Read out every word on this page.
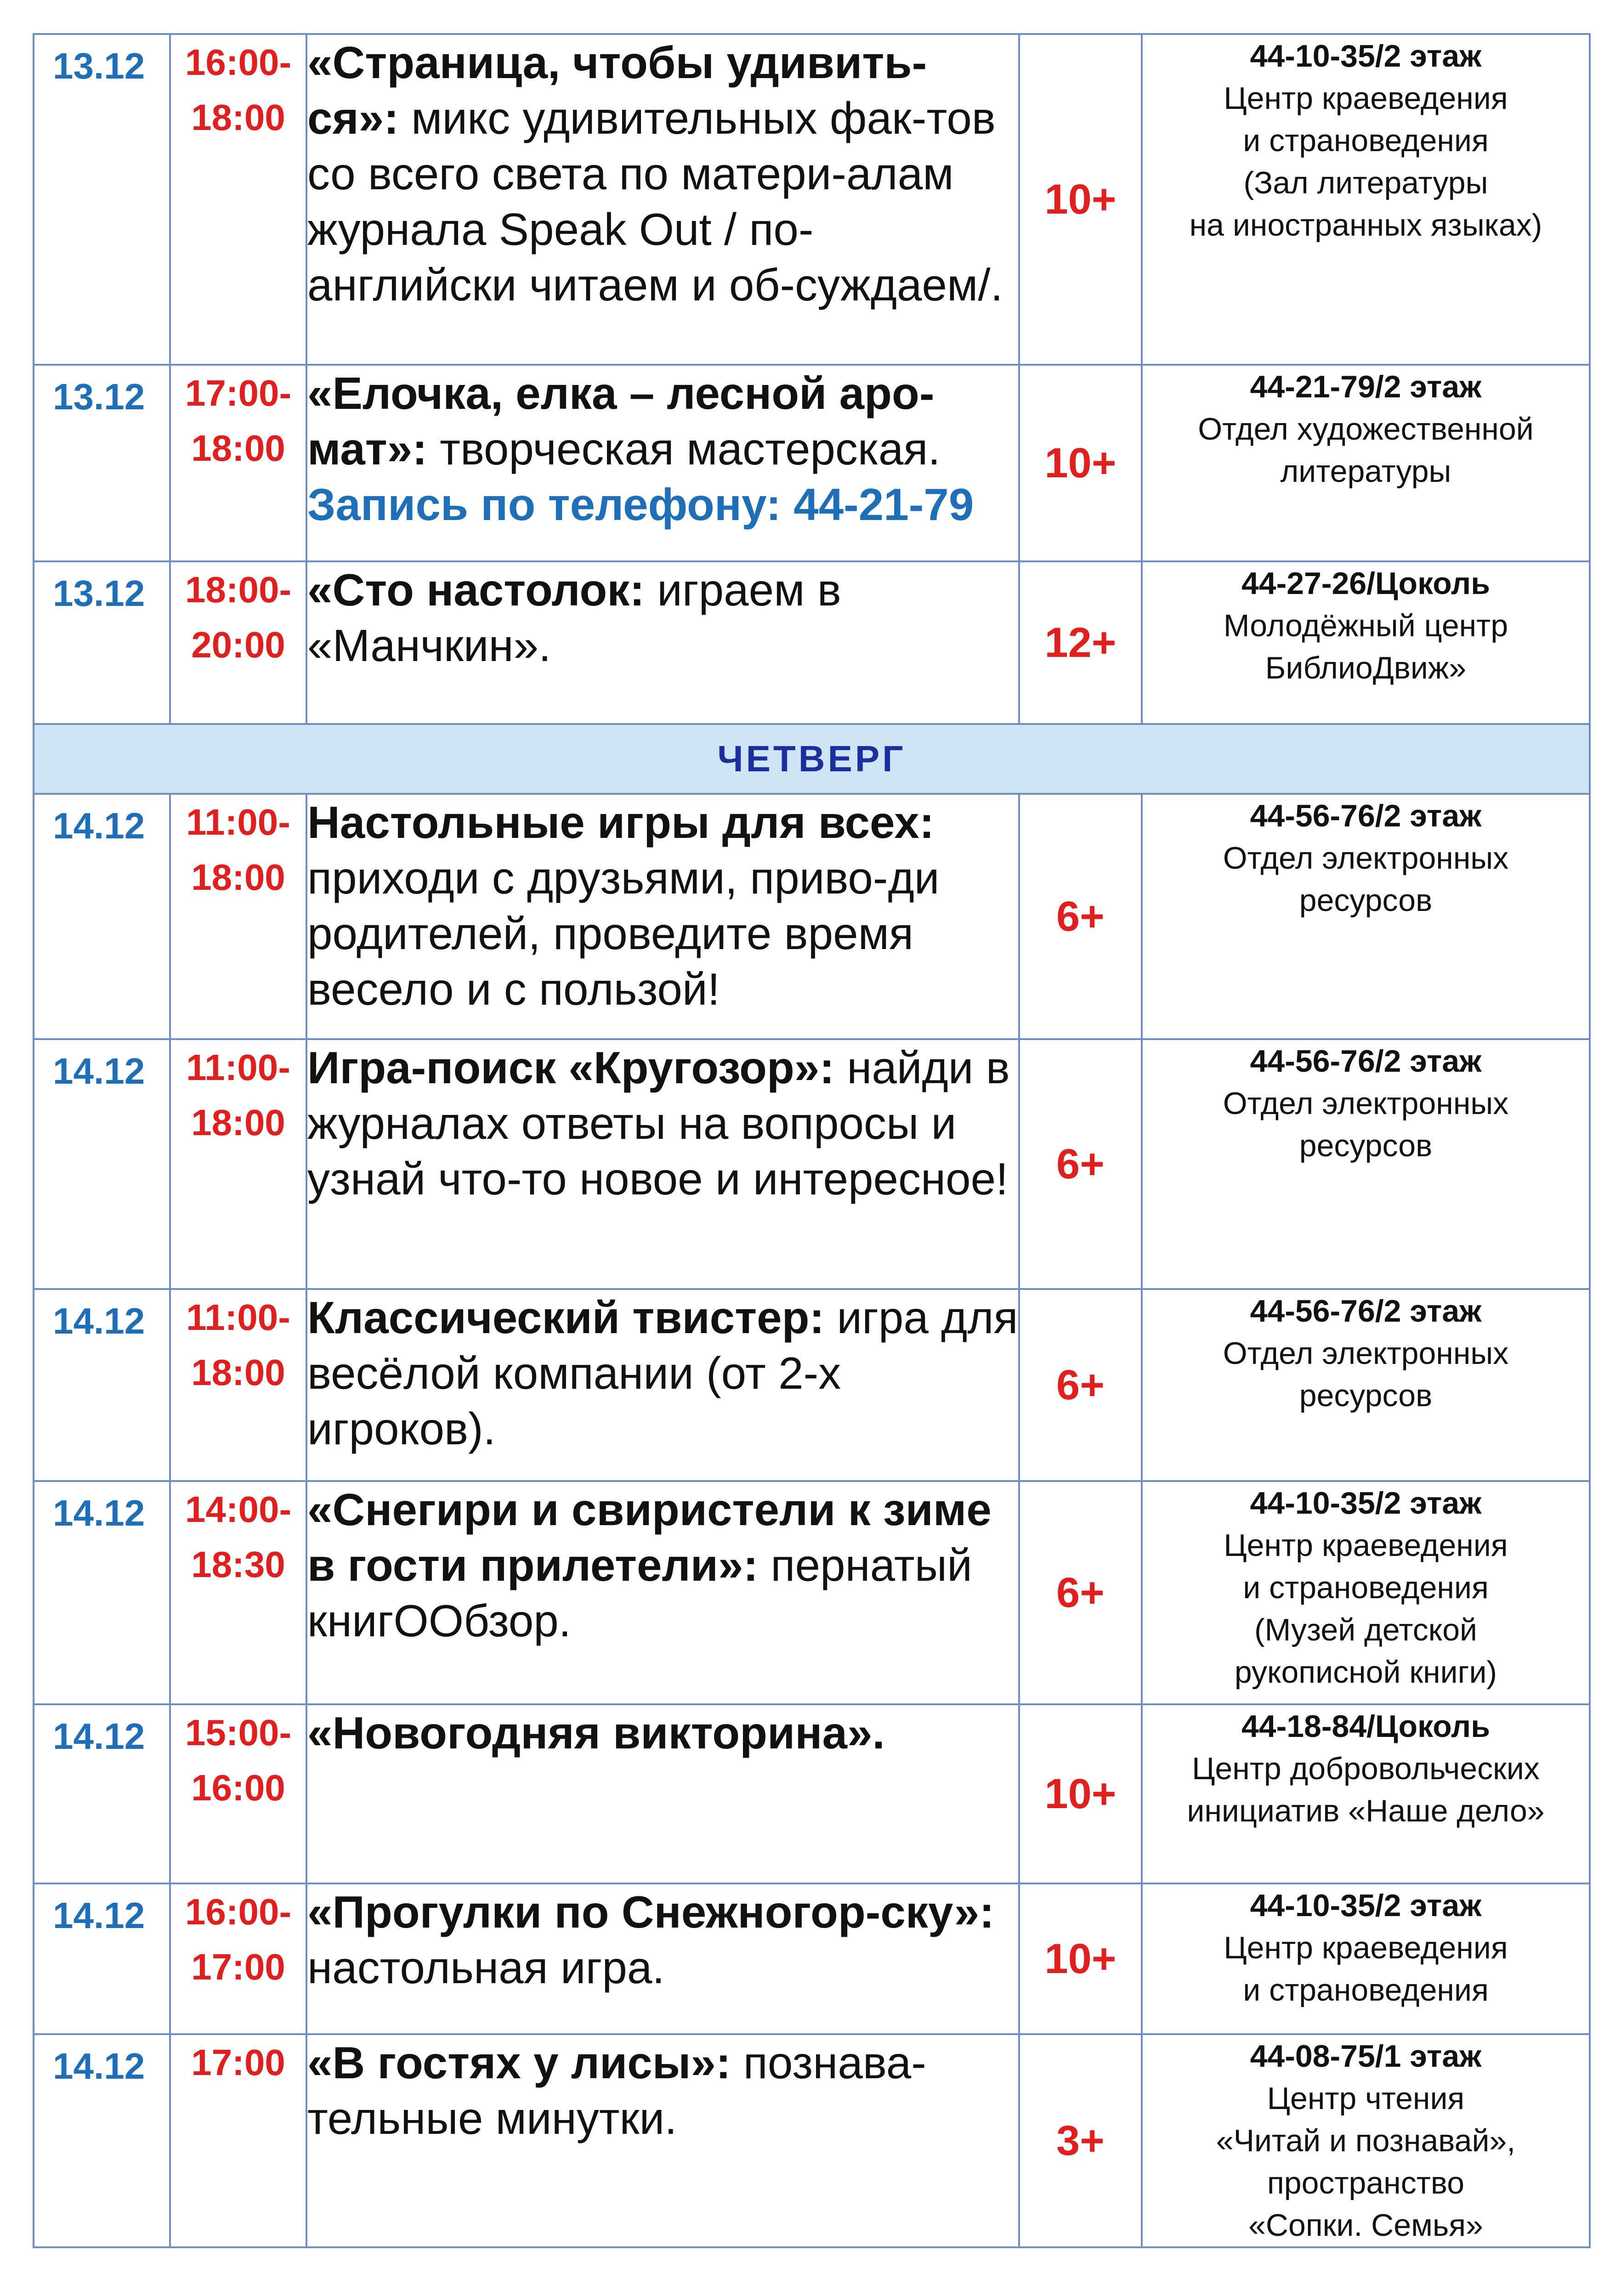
13.12	16:00-
18:00	«Страница, чтобы удивить-ся»: микс удивительных фак-тов со всего света по матери-алам журнала Speak Out / по-английски читаем и об-суждаем/.	10+	44-10-35/2 этаж
Центр краеведения
и страноведения
(Зал литературы
на иностранных языках)

13.12	17:00-
18:00	«Елочка, елка – лесной аро-мат»: творческая мастерская. Запись по телефону: 44-21-79	10+	44-21-79/2 этаж
Отдел художественной
литературы

13.12	18:00-
20:00	«Сто настолок: играем в «Манчкин».	12+	44-27-26/Цоколь
Молодёжный центр
БиблиоДвиж»

ЧЕТВЕРГ				

14.12	11:00-
18:00	Настольные игры для всех: приходи с друзьями, приво-ди родителей, проведите время весело и с пользой!	6+	44-56-76/2 этаж
Отдел электронных
ресурсов

14.12	11:00-
18:00	Игра-поиск «Кругозор»: найди в журналах ответы на вопросы и узнай что-то новое и интересное!	6+	44-56-76/2 этаж
Отдел электронных
ресурсов

14.12	11:00-
18:00	Классический твистер: игра для весёлой компании (от 2-х игроков).	6+	44-56-76/2 этаж
Отдел электронных
ресурсов

14.12	14:00-
18:30	«Снегири и свиристели к зиме в гости прилетели»: пернатый книгООбзор.	6+	44-10-35/2 этаж
Центр краеведения
и страноведения
(Музей детской
рукописной книги)

14.12	15:00-
16:00	«Новогодняя викторина».	10+	44-18-84/Цоколь
Центр добровольческих
инициатив «Наше дело»

14.12	16:00-
17:00	«Прогулки по Снежногор-ску»: настольная игра.	10+	44-10-35/2 этаж
Центр краеведения
и страноведения

14.12	17:00	«В гостях у лисы»: познава-тельные минутки.	3+	44-08-75/1 этаж
Центр чтения
«Читай и познавай»,
пространство
«Сопки. Семья»
